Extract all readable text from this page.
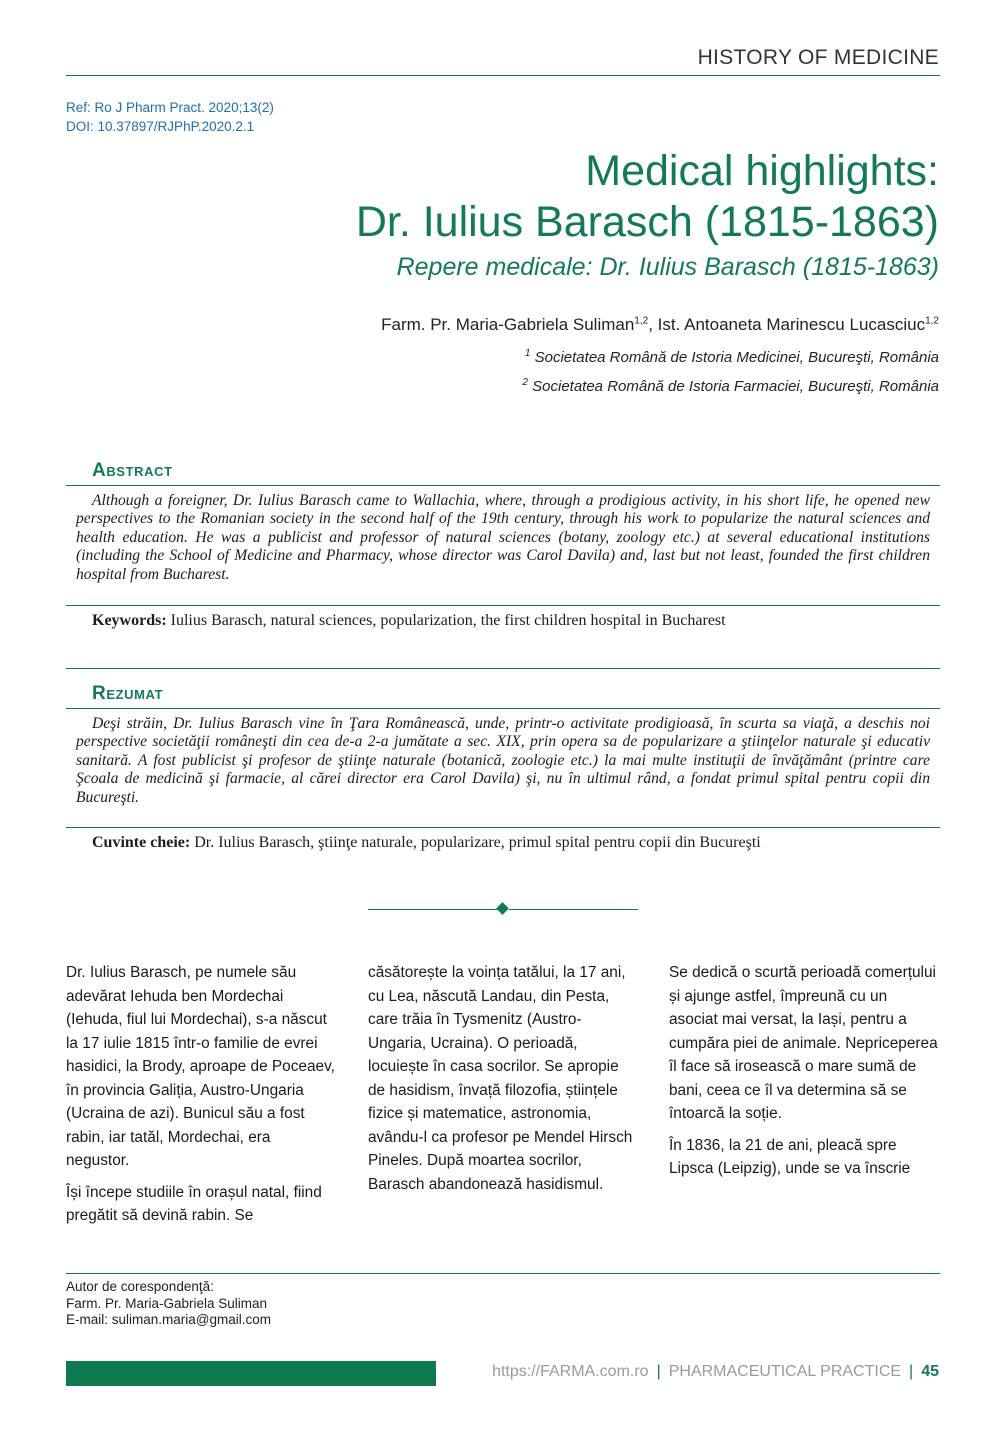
HISTORY OF MEDICINE
Ref: Ro J Pharm Pract. 2020;13(2)
DOI: 10.37897/RJPhP.2020.2.1
Medical highlights:
Dr. Iulius Barasch (1815-1863)
Repere medicale: Dr. Iulius Barasch (1815-1863)
Farm. Pr. Maria-Gabriela Suliman$^{1,2}$, Ist. Antoaneta Marinescu Lucasciuc$^{1,2}$
$^1$ Societatea Română de Istoria Medicinei, Bucureşti, România
$^2$ Societatea Română de Istoria Farmaciei, Bucureşti, România
Abstract

Although a foreigner, Dr. Iulius Barasch came to Wallachia, where, through a prodigious activity, in his short life, he opened new perspectives to the Romanian society in the second half of the 19th century, through his work to popularize the natural sciences and health education. He was a publicist and professor of natural sciences (botany, zoology etc.) at several educational institutions (including the School of Medicine and Pharmacy, whose director was Carol Davila) and, last but not least, founded the first children hospital from Bucharest.

Keywords: Iulius Barasch, natural sciences, popularization, the first children hospital in Bucharest
Rezumat

Deşi străin, Dr. Iulius Barasch vine în Ţara Românească, unde, printr-o activitate prodigioasă, în scurta sa viaţă, a deschis noi perspective societăţii româneşti din cea de-a 2-a jumătate a sec. XIX, prin opera sa de popularizare a ştiinţelor naturale şi educativ sanitară. A fost publicist şi profesor de ştiinţe naturale (botanică, zoologie etc.) la mai multe instituţii de învăţământ (printre care Şcoala de medicină şi farmacie, al cărei director era Carol Davila) şi, nu în ultimul rând, a fondat primul spital pentru copii din Bucureşti.

Cuvinte cheie: Dr. Iulius Barasch, ştiinţe naturale, popularizare, primul spital pentru copii din Bucureşti

Dr. Iulius Barasch, pe numele său adevărat Iehuda ben Mordechai (Iehuda, fiul lui Mordechai), s-a născut la 17 iulie 1815 într-o familie de evrei hasidici, la Brody, aproape de Poceaev, în provincia Galiția, Austro-Ungaria (Ucraina de azi). Bunicul său a fost rabin, iar tatăl, Mordechai, era negustor.

Își începe studiile în orașul natal, fiind pregătit să devină rabin. Se

căsătorește la voința tatălui, la 17 ani, cu Lea, născută Landau, din Pesta, care trăia în Tysmenitz (Austro-Ungaria, Ucraina). O perioadă, locuiește în casa socrilor. Se apropie de hasidism, învață filozofia, științele fizice și matematice, astronomia, avându-l ca profesor pe Mendel Hirsch Pineles. După moartea socrilor, Barasch abandonează hasidismul.

Se dedică o scurtă perioadă comerțului și ajunge astfel, împreună cu un asociat mai versat, la Iași, pentru a cumpăra piei de animale. Nepriceperea îl face să irosească o mare sumă de bani, ceea ce îl va determina să se întoarcă la soție.

În 1836, la 21 de ani, pleacă spre Lipsca (Leipzig), unde se va înscrie

Autor de corespondenţă:
Farm. Pr. Maria-Gabriela Suliman
E-mail: suliman.maria@gmail.com
https://FARMA.com.ro | PHARMACEUTICAL PRACTICE | 45
